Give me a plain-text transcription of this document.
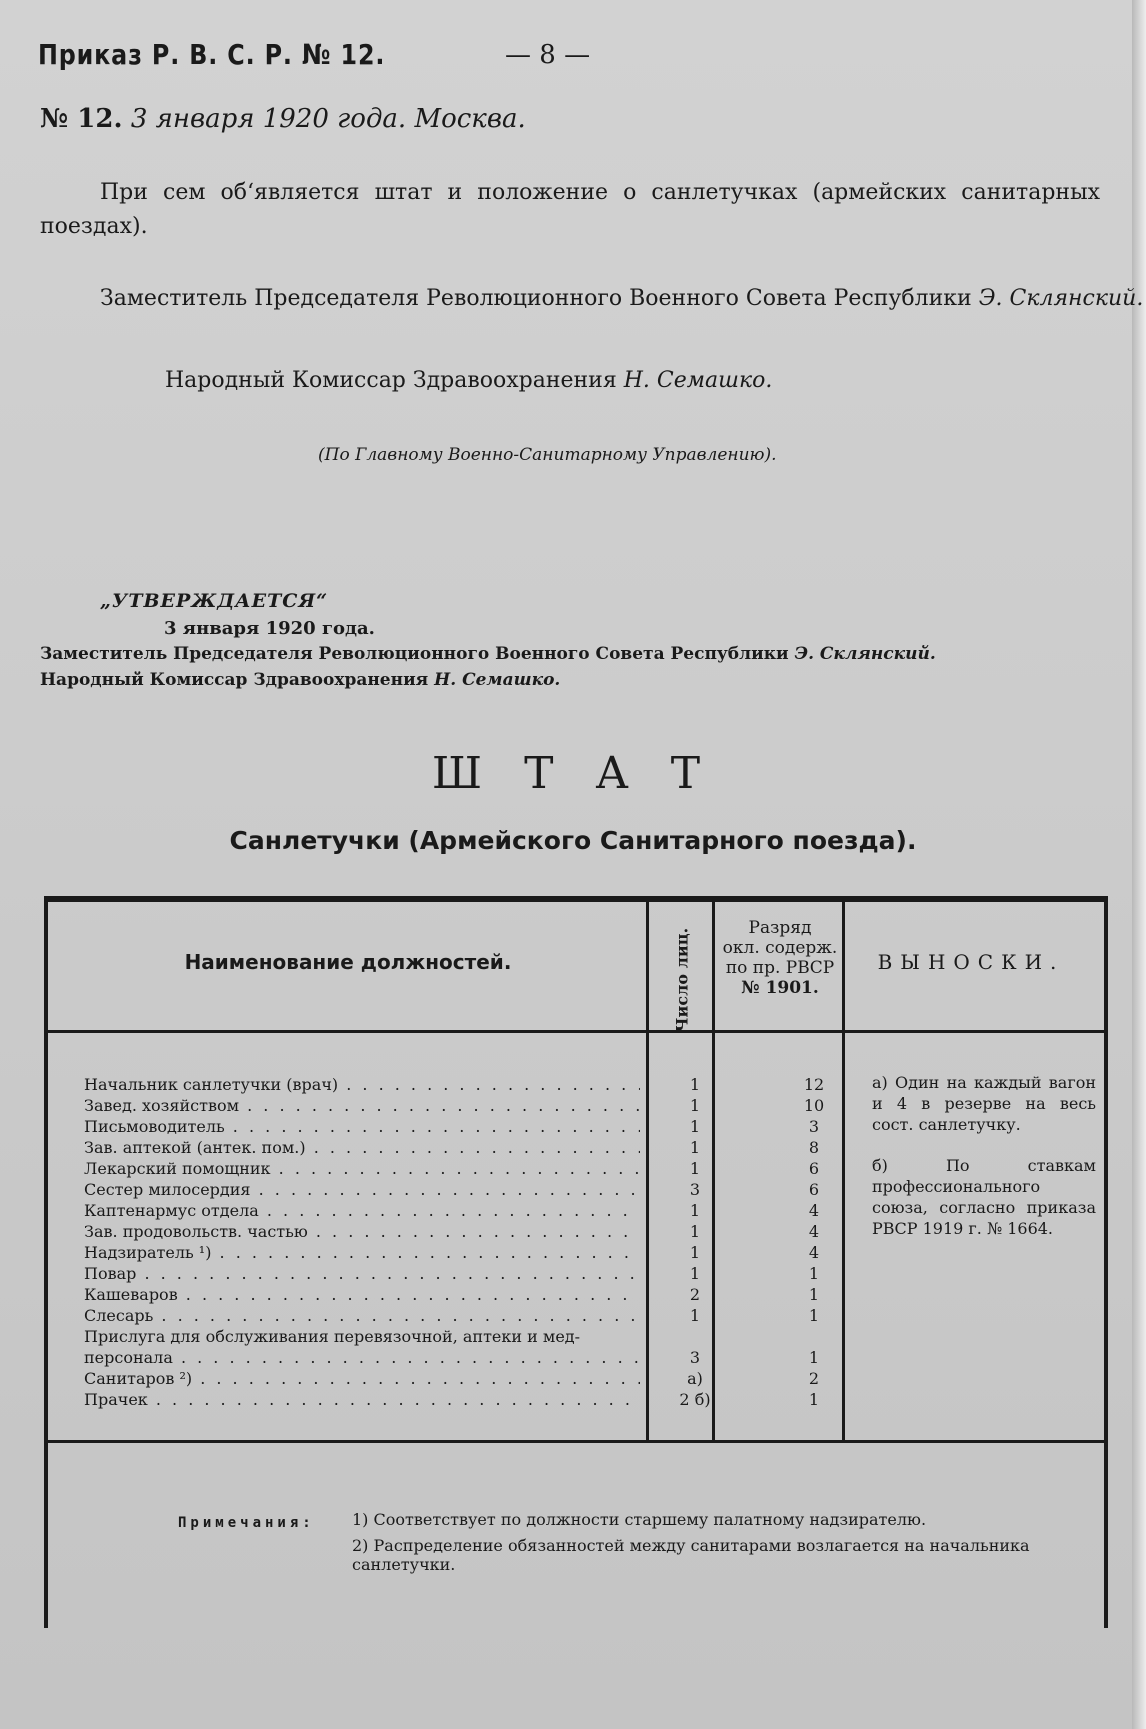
Приказ Р. В. С. Р. № 12.	— 8 —
№ 12. 3 января 1920 года. Москва.
При сем об‘является штат и положение о санлетучках (армейских санитарных поездах).
Заместитель Председателя Революционного Военного Совета Республики Э. Склянский.
Народный Комиссар Здравоохранения Н. Семашко.
(По Главному Военно-Санитарному Управлению).
„УТВЕРЖДАЕТСЯ“
3 января 1920 года.
Заместитель Председателя Революционного Военного Совета Республики Э. Склянский.
Народный Комиссар Здравоохранения Н. Семашко.
Ш Т А Т
Санлетучки (Армейского Санитарного поезда).
Наименование должностей.	Число лиц.	Разряд
окл. содерж.
по пр. РВСР
№ 1901.
ВЫНОСКИ.
Начальник санлетучки (врач) . . .	1	12
Завед. хозяйством . . .	1	10
Письмоводитель . . .	1	3
Зав. аптекой (антек. пом.) . . .	1	8
Лекарский помощник . . .	1	6
Сестер милосердия . . .	3	6
Каптенармус отдела . . .	1	4
Зав. продовольств. частью . . .	1	4
Надзиратель ¹) . . .	1	4
Повар . . .	1	1
Кашеваров . . .	2	1
Слесарь . . .	1	1
Прислуга для обслуживания перевязочной, аптеки и мед-
персонала . . .	3	1
Санитаров ²) . . .	а)	2
Прачек . . .	2 б)	1

а) Один на каждый вагон и 4 в резерве на весь сост. санлетучку.

б) По ставкам профессионального союза, согласно приказа РВСР 1919 г. № 1664.

Примечания: 1) Соответствует по должности старшему палатному надзирателю.
2) Распределение обязанностей между санитарами возлагается на начальника санлетучки.
